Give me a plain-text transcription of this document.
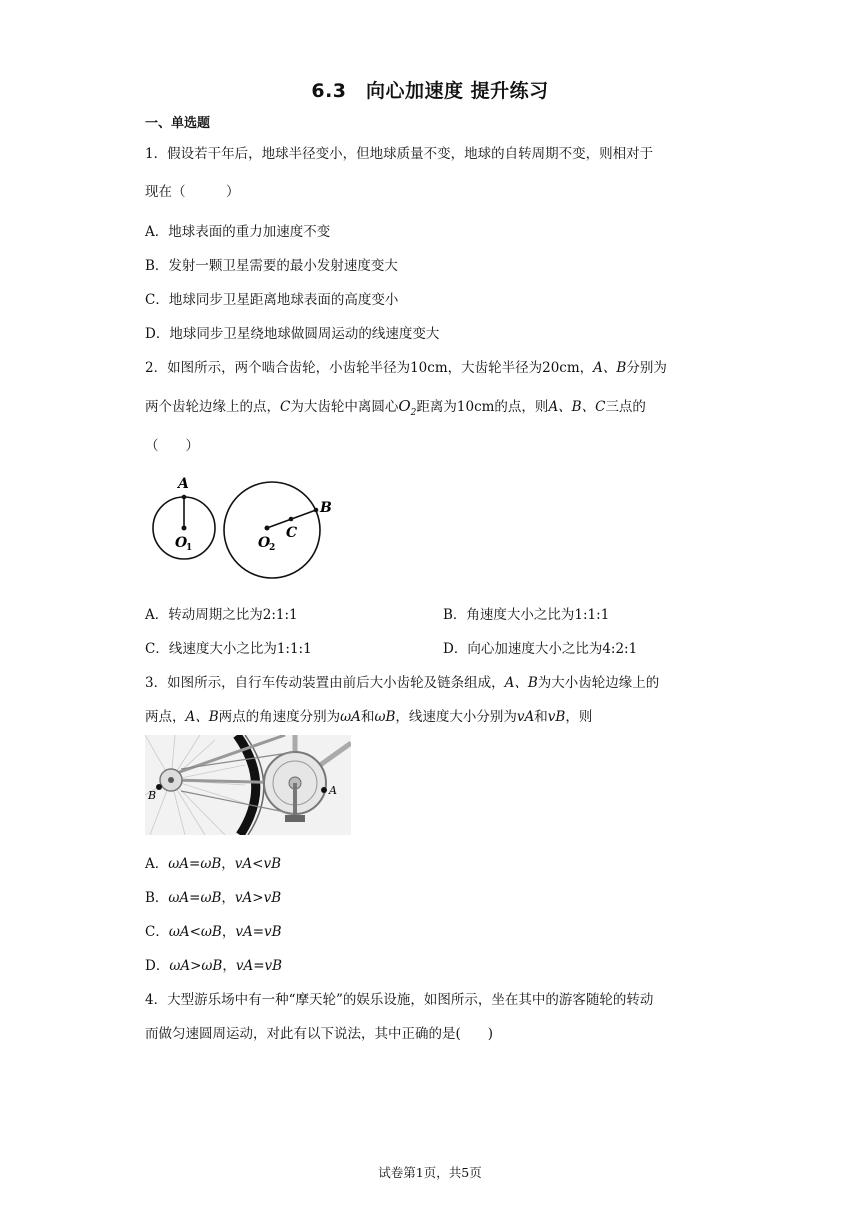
6.3　向心加速度 提升练习
一、单选题
1．假设若干年后，地球半径变小，但地球质量不变，地球的自转周期不变，则相对于
现在（　　　）
A．地球表面的重力加速度不变
B．发射一颗卫星需要的最小发射速度变大
C．地球同步卫星距离地球表面的高度变小
D．地球同步卫星绕地球做圆周运动的线速度变大
2．如图所示，两个啮合齿轮，小齿轮半径为10cm，大齿轮半径为20cm，A、B分别为
两个齿轮边缘上的点，C为大齿轮中离圆心$O_2$距离为10cm的点，则A、B、C三点的
（　　）
A
O
1	O
2
C
B
A．转动周期之比为2:1:1	B．角速度大小之比为1:1:1
C．线速度大小之比为1:1:1	D．向心加速度大小之比为4:2:1
3．如图所示，自行车传动装置由前后大小齿轮及链条组成，A、B为大小齿轮边缘上的
两点，A、B两点的角速度分别为ωA和ωB，线速度大小分别为vA和vB，则
A
B
A．ωA=ωB，vA<vB
B．ωA=ωB，vA>vB
C．ωA<ωB，vA=vB
D．ωA>ωB，vA=vB
4．大型游乐场中有一种“摩天轮”的娱乐设施，如图所示，坐在其中的游客随轮的转动
而做匀速圆周运动，对此有以下说法，其中正确的是(　　)
试卷第1页，共5页
